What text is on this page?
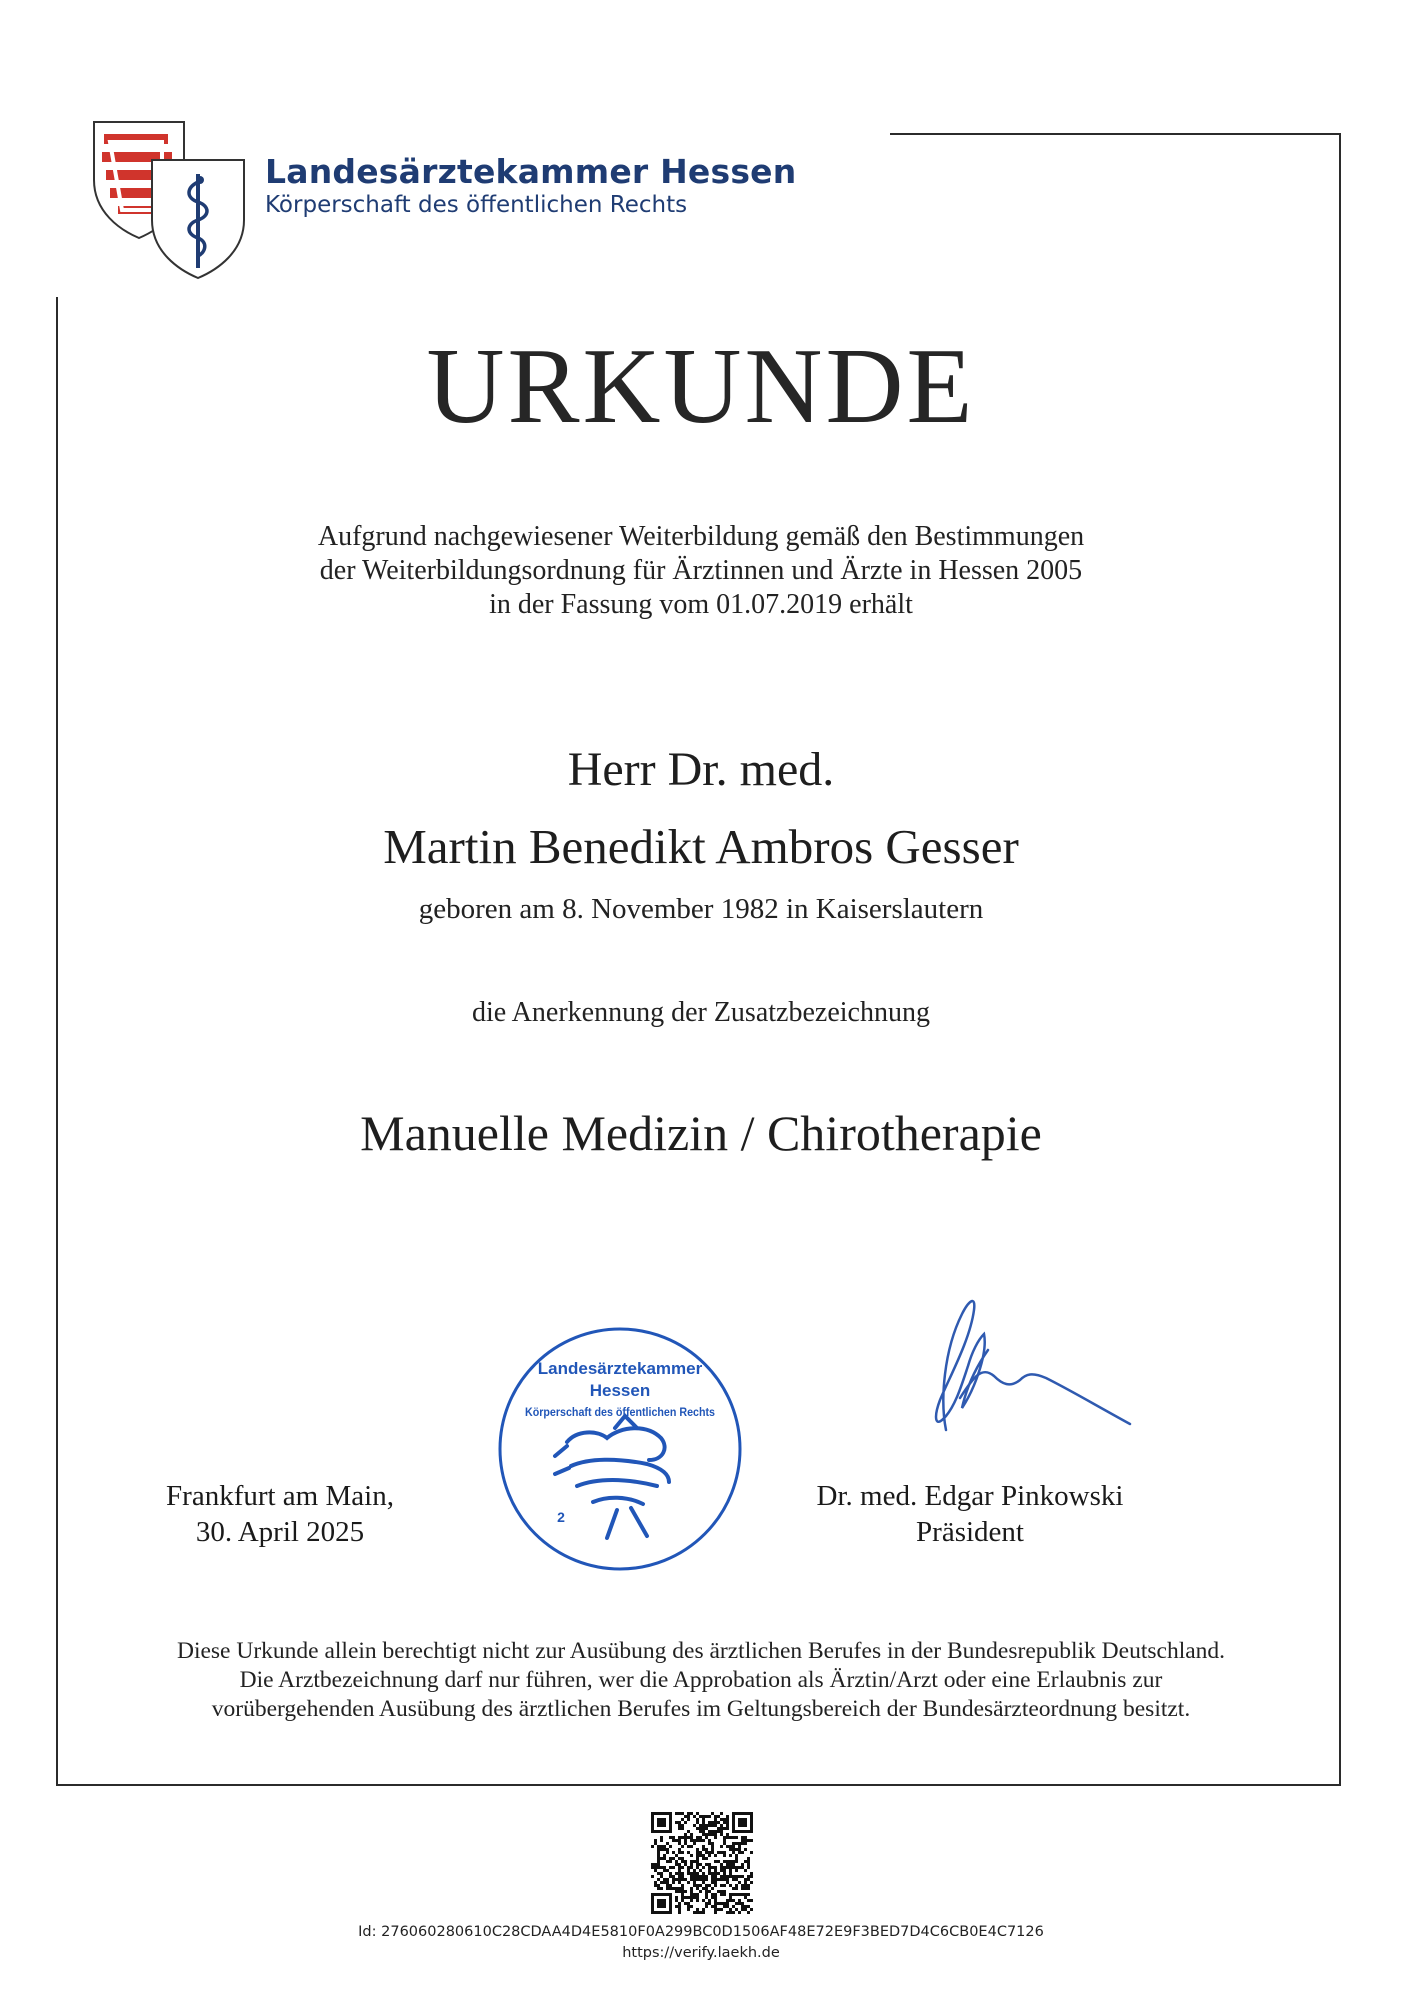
Landesärztekammer Hessen
Körperschaft des öffentlichen Rechts
URKUNDE
Aufgrund nachgewiesener Weiterbildung gemäß den Bestimmungen
der Weiterbildungsordnung für Ärztinnen und Ärzte in Hessen 2005
in der Fassung vom 01.07.2019 erhält
Herr Dr. med.
Martin Benedikt Ambros Gesser
geboren am 8. November 1982 in Kaiserslautern
die Anerkennung der Zusatzbezeichnung
Manuelle Medizin / Chirotherapie
Frankfurt am Main,
30. April 2025
Landesärztekammer
Hessen
Körperschaft des öffentlichen Rechts
2
Dr. med. Edgar Pinkowski
Präsident
Diese Urkunde allein berechtigt nicht zur Ausübung des ärztlichen Berufes in der Bundesrepublik Deutschland.
Die Arztbezeichnung darf nur führen, wer die Approbation als Ärztin/Arzt oder eine Erlaubnis zur
vorübergehenden Ausübung des ärztlichen Berufes im Geltungsbereich der Bundesärzteordnung besitzt.
Id: 276060280610C28CDAA4D4E5810F0A299BC0D1506AF48E72E9F3BED7D4C6CB0E4C7126
https://verify.laekh.de
